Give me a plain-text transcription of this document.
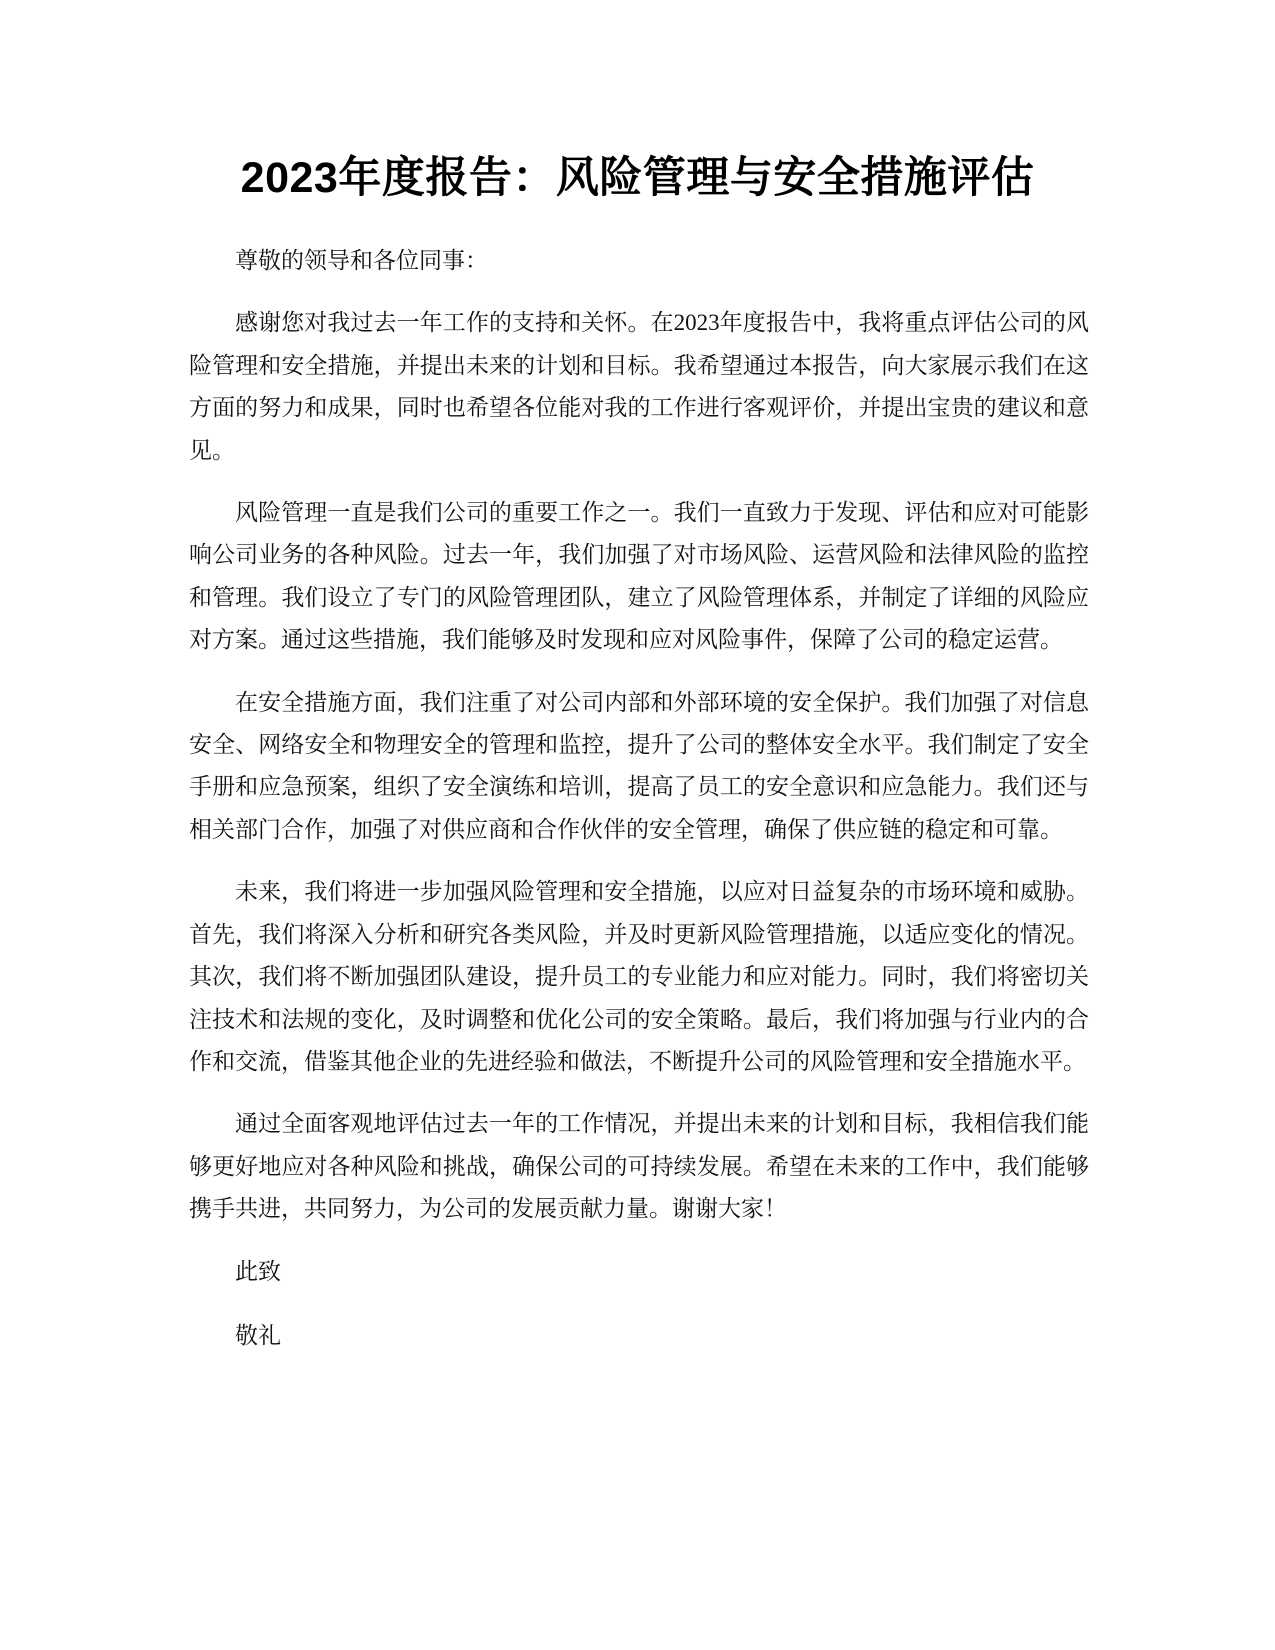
2023年度报告：风险管理与安全措施评估

尊敬的领导和各位同事：

感谢您对我过去一年工作的支持和关怀。在2023年度报告中，我将重点评估公司的风险管理和安全措施，并提出未来的计划和目标。我希望通过本报告，向大家展示我们在这方面的努力和成果，同时也希望各位能对我的工作进行客观评价，并提出宝贵的建议和意见。

风险管理一直是我们公司的重要工作之一。我们一直致力于发现、评估和应对可能影响公司业务的各种风险。过去一年，我们加强了对市场风险、运营风险和法律风险的监控和管理。我们设立了专门的风险管理团队，建立了风险管理体系，并制定了详细的风险应对方案。通过这些措施，我们能够及时发现和应对风险事件，保障了公司的稳定运营。

在安全措施方面，我们注重了对公司内部和外部环境的安全保护。我们加强了对信息安全、网络安全和物理安全的管理和监控，提升了公司的整体安全水平。我们制定了安全手册和应急预案，组织了安全演练和培训，提高了员工的安全意识和应急能力。我们还与相关部门合作，加强了对供应商和合作伙伴的安全管理，确保了供应链的稳定和可靠。

未来，我们将进一步加强风险管理和安全措施，以应对日益复杂的市场环境和威胁。首先，我们将深入分析和研究各类风险，并及时更新风险管理措施，以适应变化的情况。其次，我们将不断加强团队建设，提升员工的专业能力和应对能力。同时，我们将密切关注技术和法规的变化，及时调整和优化公司的安全策略。最后，我们将加强与行业内的合作和交流，借鉴其他企业的先进经验和做法，不断提升公司的风险管理和安全措施水平。

通过全面客观地评估过去一年的工作情况，并提出未来的计划和目标，我相信我们能够更好地应对各种风险和挑战，确保公司的可持续发展。希望在未来的工作中，我们能够携手共进，共同努力，为公司的发展贡献力量。谢谢大家！

此致

敬礼
